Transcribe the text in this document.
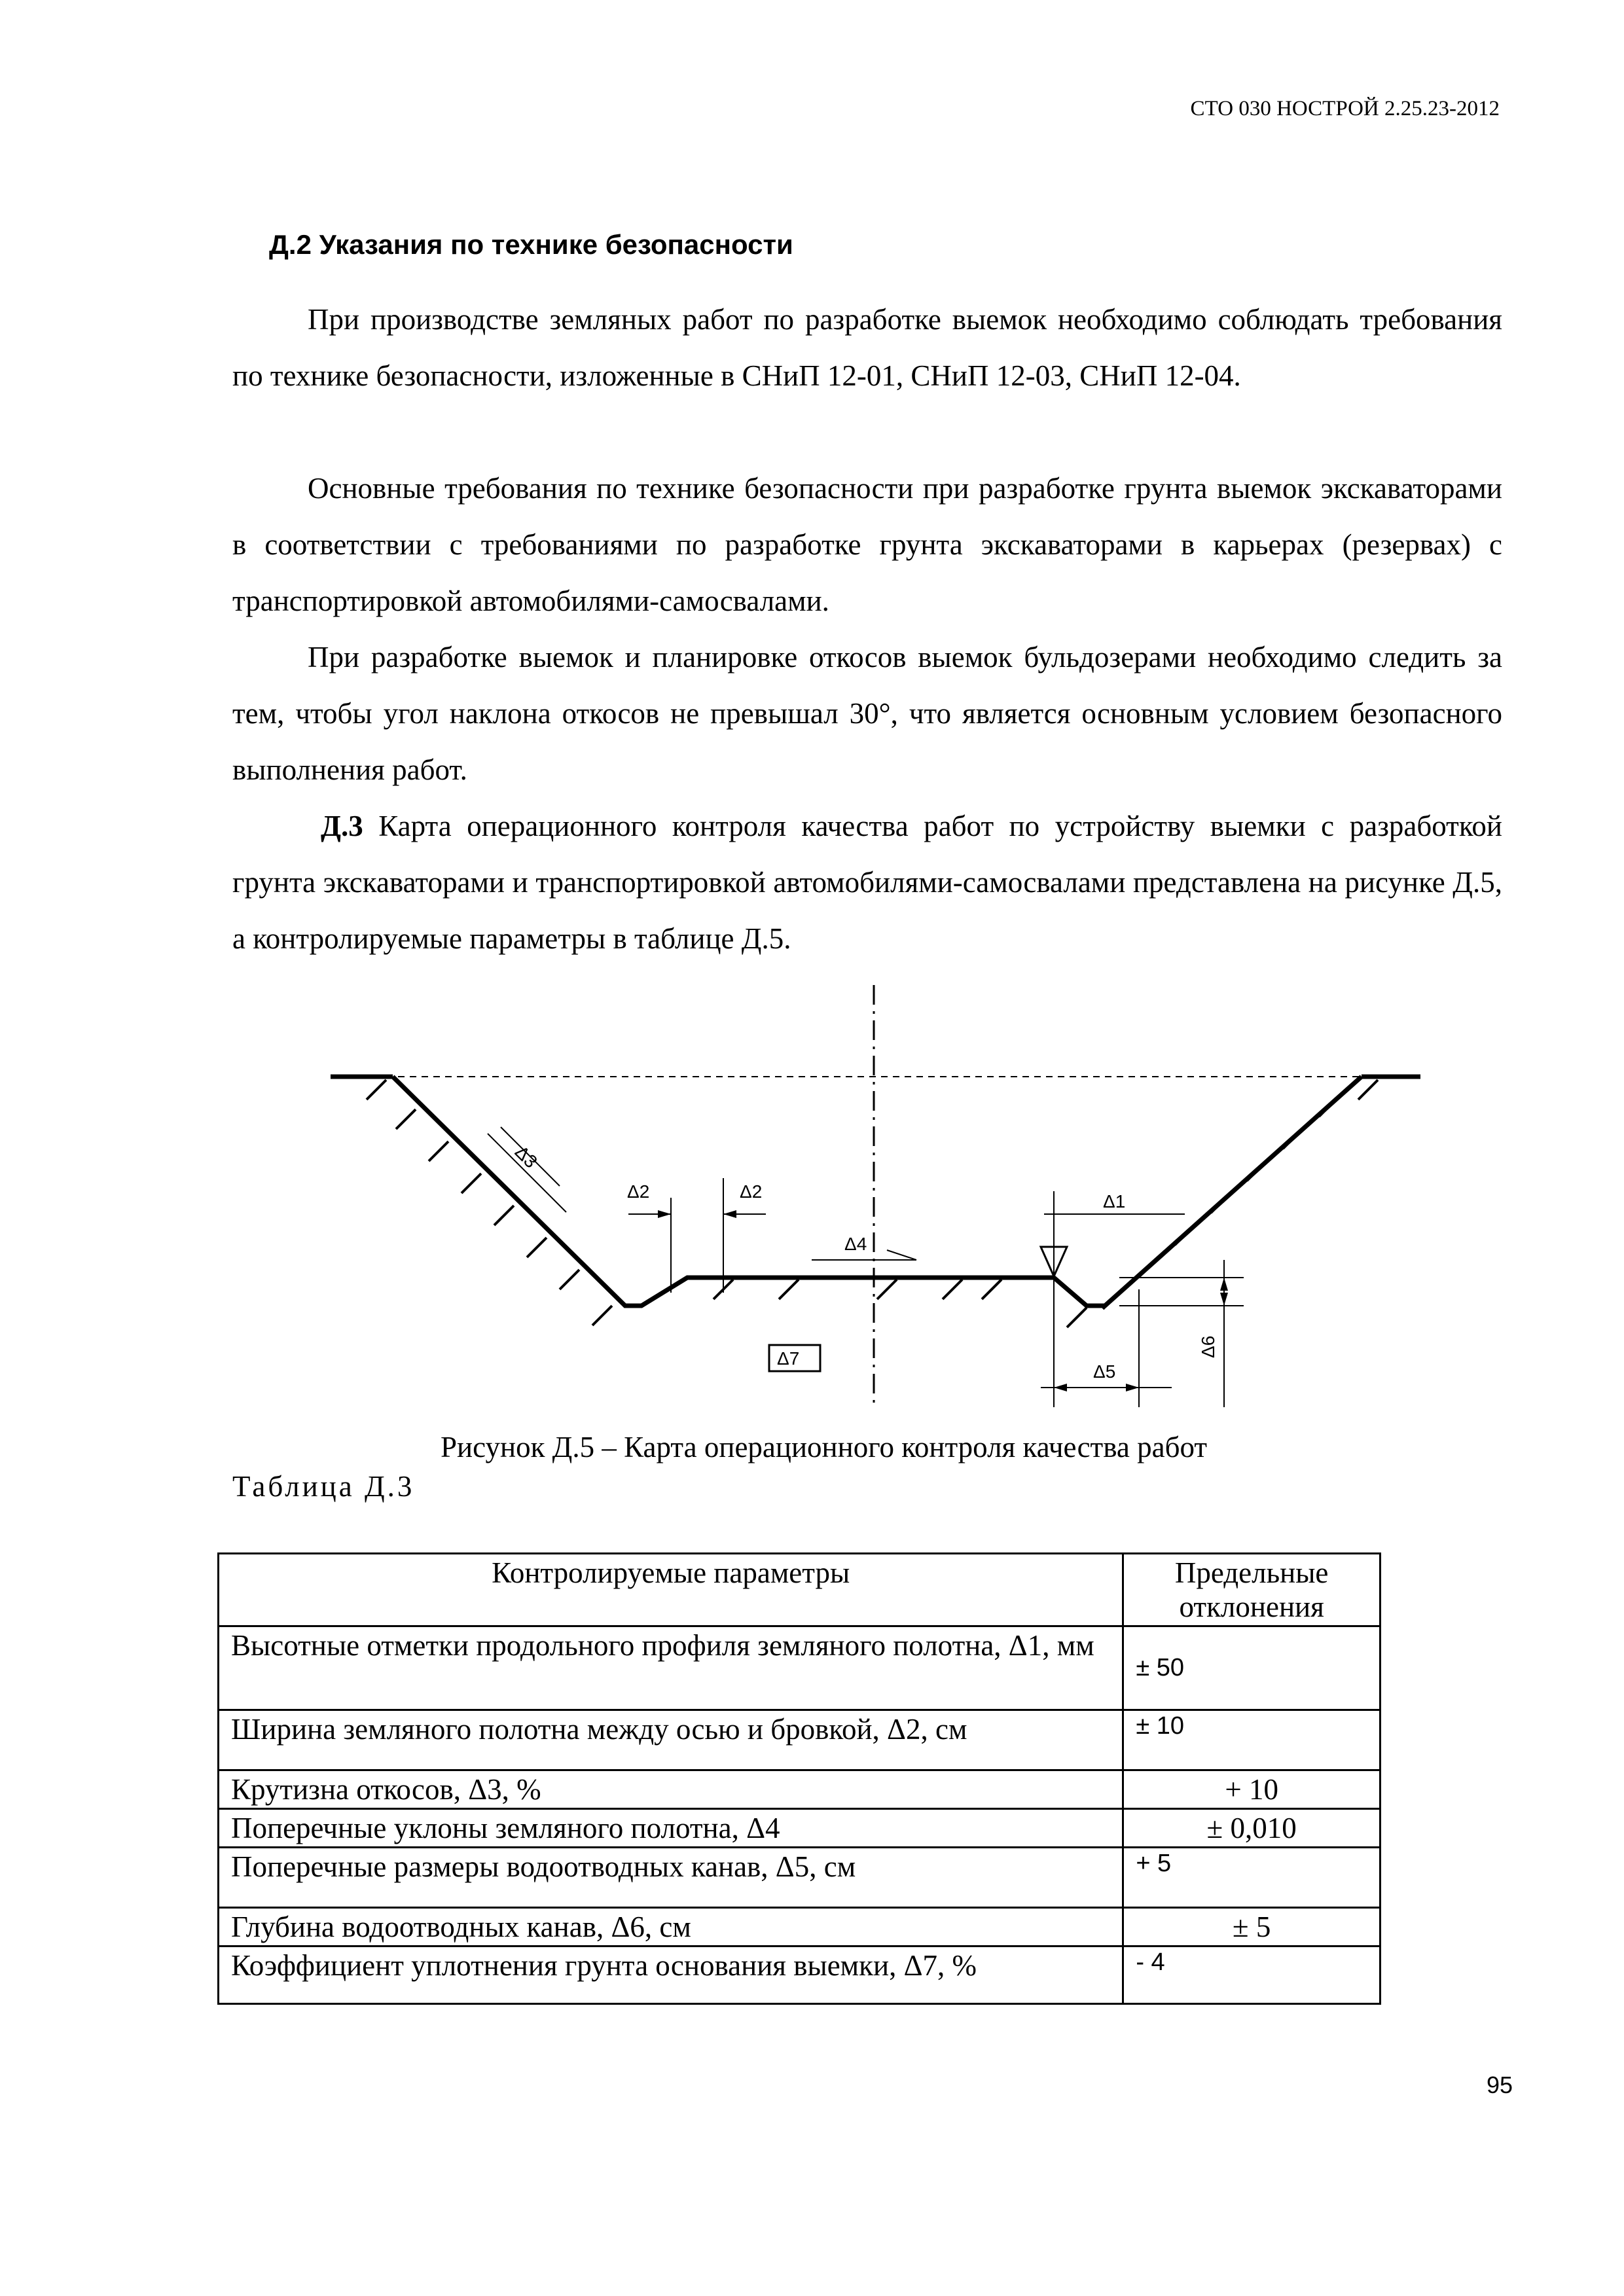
СТО 030 НОСТРОЙ 2.25.23-2012
Д.2 Указания по технике безопасности

При производстве земляных работ по разработке выемок необходимо соблюдать требования по технике безопасности, изложенные в СНиП 12-01, СНиП 12-03, СНиП 12-04.

Основные требования по технике безопасности при разработке грунта выемок экскаваторами в соответствии с требованиями по разработке грунта экскаваторами в карьерах (резервах) с транспортировкой автомобилями-самосвалами.

При разработке выемок и планировке откосов выемок бульдозерами необходимо следить за тем, чтобы угол наклона откосов не превышал 30°, что является основным условием безопасного выполнения работ.

Д.3 Карта операционного контроля качества работ по устройству выемки с разработкой грунта экскаваторами и транспортировкой автомобилями-самосвалами представлена на рисунке Д.5, а контролируемые параметры в таблице Д.5.

Δ3
Δ2	Δ2
Δ4
Δ1
Δ5
Δ6
Δ7
Рисунок Д.5 – Карта операционного контроля качества работ
Таблица Д.3
Контролируемые параметры	Предельные отклонения
Высотные отметки продольного профиля земляного полотна, Δ1, мм	± 50
Ширина земляного полотна между осью и бровкой, Δ2, см	± 10
Крутизна откосов, Δ3, %	+ 10
Поперечные уклоны земляного полотна, Δ4	± 0,010
Поперечные размеры водоотводных канав, Δ5, см	+ 5
Глубина водоотводных канав, Δ6, см	± 5
Коэффициент уплотнения грунта основания выемки, Δ7, %	- 4
95
